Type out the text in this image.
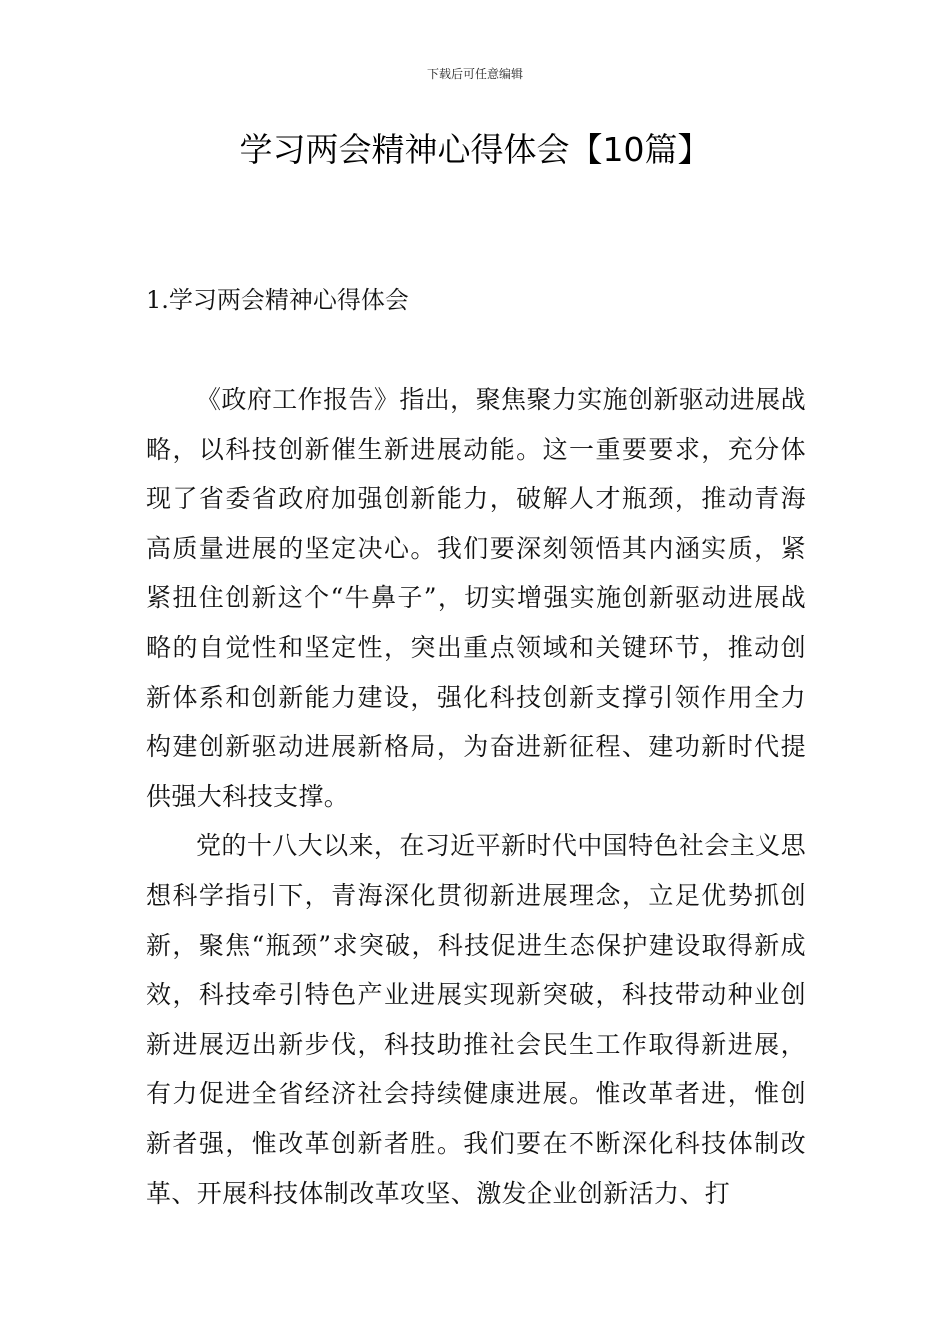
下载后可任意编辑
学习两会精神心得体会【10篇】
1.学习两会精神心得体会

《政府工作报告》指出，聚焦聚力实施创新驱动进展战略，以科技创新催生新进展动能。这一重要要求，充分体现了省委省政府加强创新能力，破解人才瓶颈，推动青海高质量进展的坚定决心。我们要深刻领悟其内涵实质，紧紧扭住创新这个“牛鼻子”，切实增强实施创新驱动进展战略的自觉性和坚定性，突出重点领域和关键环节，推动创新体系和创新能力建设，强化科技创新支撑引领作用全力构建创新驱动进展新格局，为奋进新征程、建功新时代提供强大科技支撑。

党的十八大以来，在习近平新时代中国特色社会主义思想科学指引下，青海深化贯彻新进展理念，立足优势抓创新，聚焦“瓶颈”求突破，科技促进生态保护建设取得新成效，科技牵引特色产业进展实现新突破，科技带动种业创新进展迈出新步伐，科技助推社会民生工作取得新进展，有力促进全省经济社会持续健康进展。惟改革者进，惟创新者强，惟改革创新者胜。我们要在不断深化科技体制改革、开展科技体制改革攻坚、激发企业创新活力、打
